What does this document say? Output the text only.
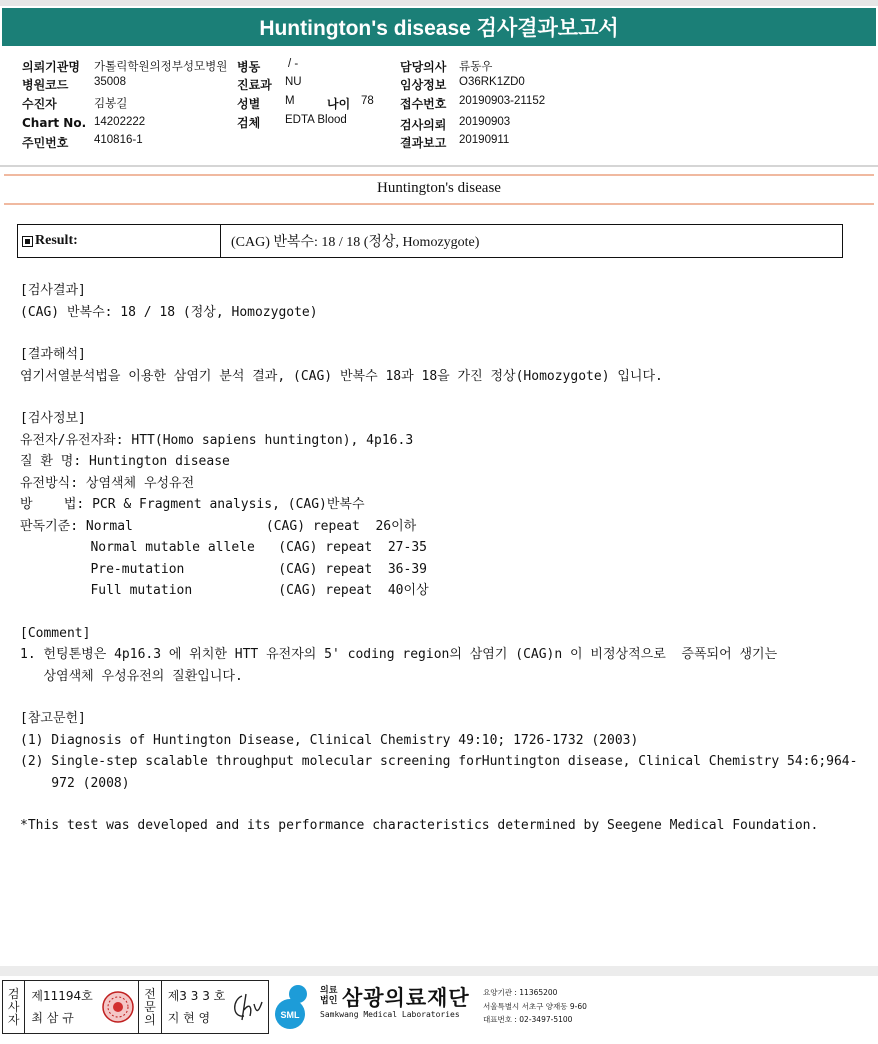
Huntington's disease 검사결과보고서
의뢰기관명 가톨릭학원의정부성모병원
병원코드 35008
수진자	김봉길
Chart No. 14202222
주민번호 410816-1
병동 / -
진료과 NU
성별 M	나이 78
검체 EDTA Blood
담당의사 류동우
임상정보 O36RK1ZD0
접수번호 20190903-21152
검사의뢰 20190903
결과보고 20190911
Huntington's disease
Result:	(CAG) 반복수: 18 / 18 (정상, Homozygote)
[검사결과]
(CAG) 반복수: 18 / 18 (정상, Homozygote)
[결과해석]
염기서열분석법을 이용한 삼염기 분석 결과, (CAG) 반복수 18과 18을 가진 정상(Homozygote) 입니다.
[검사정보]
유전자/유전자좌: HTT(Homo sapiens huntington), 4p16.3
질 환 명: Huntington disease
유전방식: 상염색체 우성유전
방    법: PCR & Fragment analysis, (CAG)반복수
판독기준: Normal                 (CAG) repeat  26이하
Normal mutable allele   (CAG) repeat  27-35
Pre-mutation            (CAG) repeat  36-39
Full mutation           (CAG) repeat  40이상
[Comment]
1. 헌팅톤병은 4p16.3 에 위치한 HTT 유전자의 5' coding region의 삼염기 (CAG)n 이 비정상적으로  증폭되어 생기는
상염색체 우성유전의 질환입니다.
[참고문헌]
(1) Diagnosis of Huntington Disease, Clinical Chemistry 49:10; 1726-1732 (2003)
(2) Single-step scalable throughput molecular screening forHuntington disease, Clinical Chemistry 54:6;964-
972 (2008)
*This test was developed and its performance characteristics determined by Seegene Medical Foundation.
검
사
자
제11194호
최 삼 규
전
문
의
제3 3 3 호
지 현 영	SML
의료
법인 삼광의료재단
Samkwang Medical Laboratories
요양기관 : 11365200
서울특별시 서초구 양재동 9-60
대표번호 : 02-3497-5100
